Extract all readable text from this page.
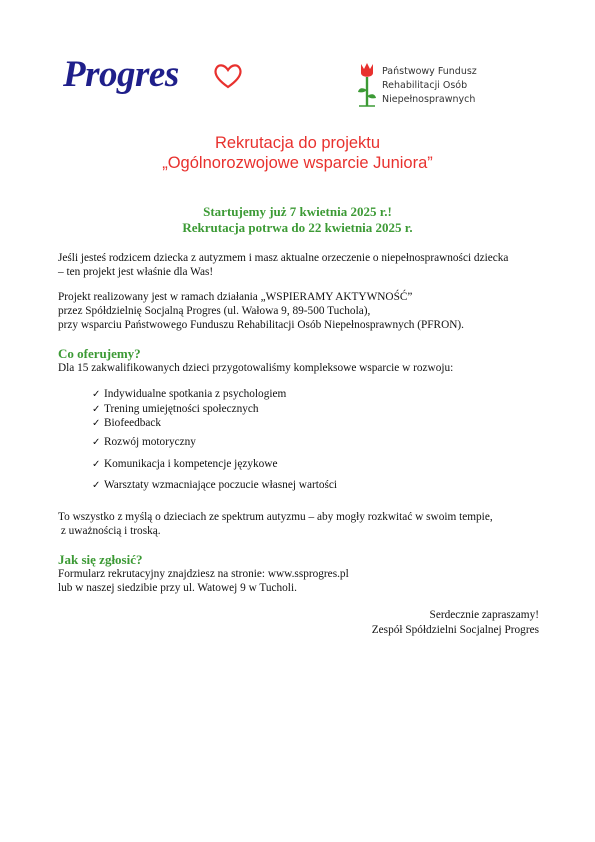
Progres	Państwowy Fundusz
Rehabilitacji Osób
Niepełnosprawnych
Rekrutacja do projektu
„Ogólnorozwojowe wsparcie Juniora”
Startujemy już 7 kwietnia 2025 r.!
Rekrutacja potrwa do 22 kwietnia 2025 r.
Jeśli jesteś rodzicem dziecka z autyzmem i masz aktualne orzeczenie o niepełnosprawności dziecka
– ten projekt jest właśnie dla Was!
Projekt realizowany jest w ramach działania „WSPIERAMY AKTYWNOŚĆ”
przez Spółdzielnię Socjalną Progres (ul. Wałowa 9, 89-500 Tuchola),
przy wsparciu Państwowego Funduszu Rehabilitacji Osób Niepełnosprawnych (PFRON).
Co oferujemy?
Dla 15 zakwalifikowanych dzieci przygotowaliśmy kompleksowe wsparcie w rozwoju:
✓ Indywidualne spotkania z psychologiem
✓ Trening umiejętności społecznych
✓ Biofeedback
✓ Rozwój motoryczny
✓ Komunikacja i kompetencje językowe
✓ Warsztaty wzmacniające poczucie własnej wartości
To wszystko z myślą o dzieciach ze spektrum autyzmu – aby mogły rozkwitać w swoim tempie,
z uważnością i troską.
Jak się zgłosić?
Formularz rekrutacyjny znajdziesz na stronie: www.ssprogres.pl
lub w naszej siedzibie przy ul. Watowej 9 w Tucholi.
Serdecznie zapraszamy!
Zespół Spółdzielni Socjalnej Progres
